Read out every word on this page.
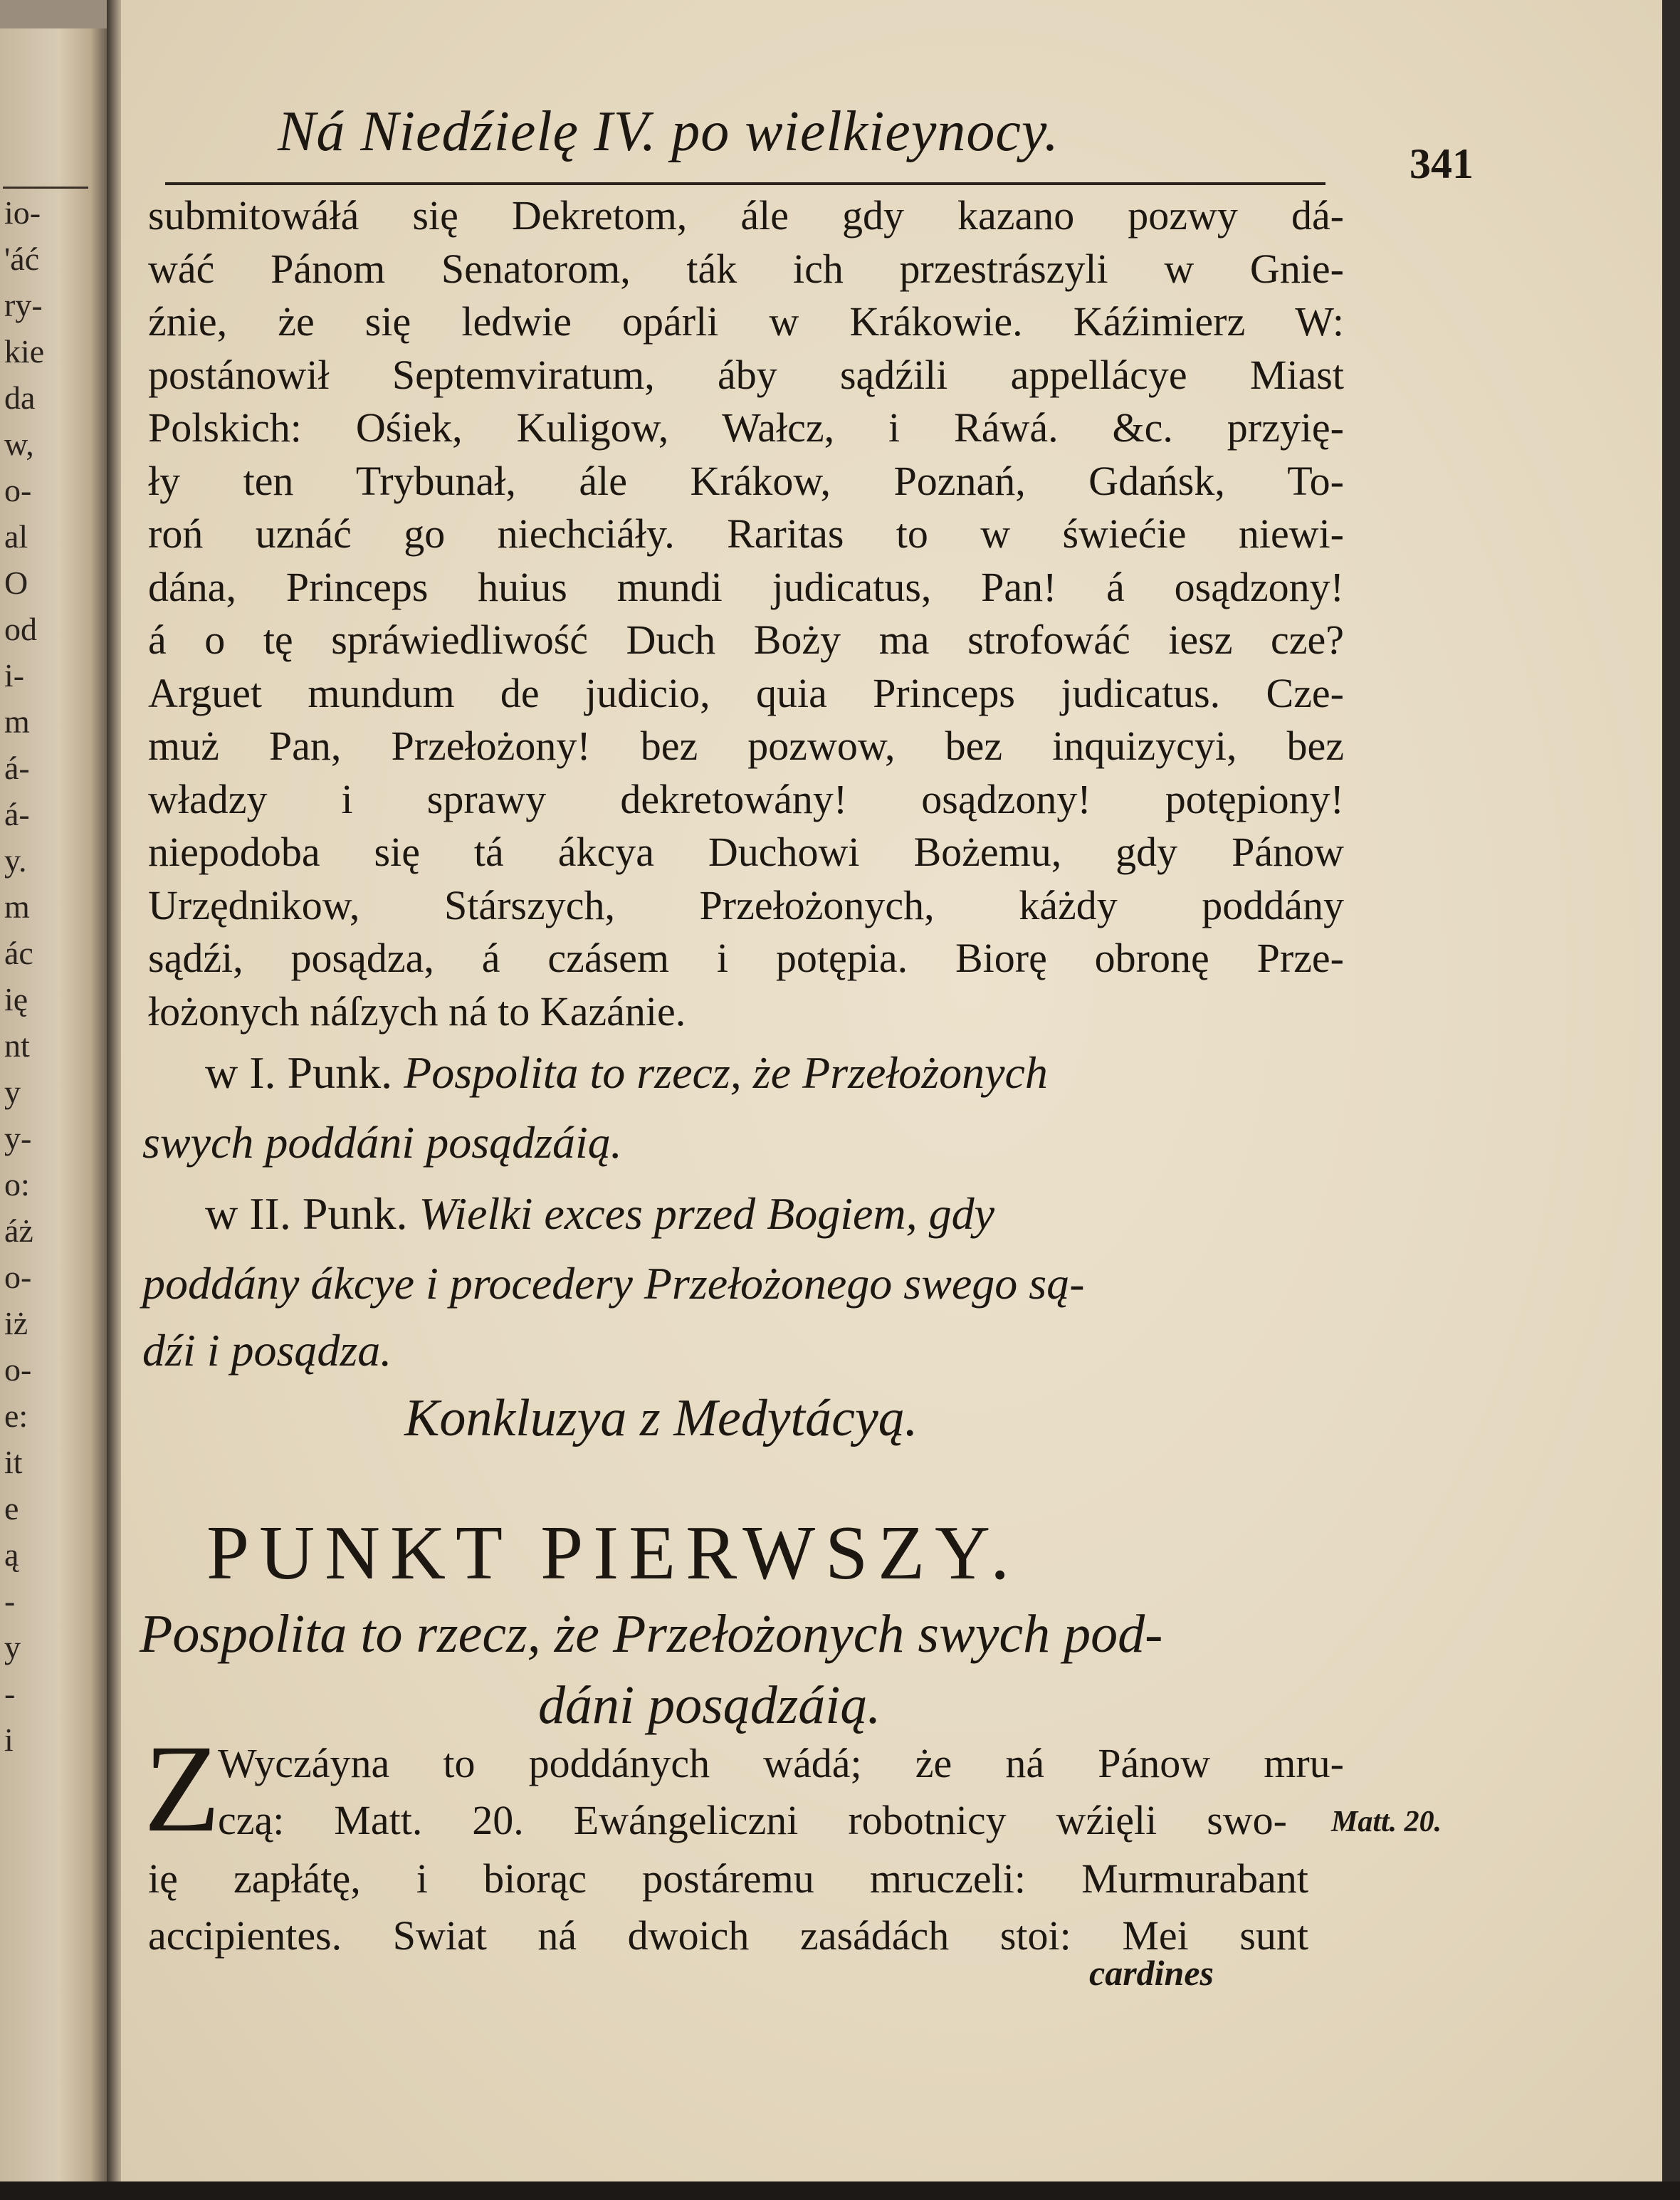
io-
'áć
ry-
kie
da
w,
o-
al
O
od
i-
m
á-
á-
y.
m
ác
ię
nt
y
y-
o:
áż
o-
iż
o-
e:
it
e
ą
-
y
-
i
Ná Niedźielę IV. po wielkieynocy.
341
submitowáłá się Dekretom, ále gdy kazano pozwy dá-
wáć Pánom Senatorom, ták ich przestrászyli w Gnie-
źnie, że się ledwie opárli w Krákowie. Káźimierz W:
postánowił Septemviratum, áby sądźili appellácye Miast
Polskich: Ośiek, Kuligow, Wałcz, i Ráwá. &c. przyię-
ły ten Trybunał, ále Krákow, Poznań, Gdańsk, To-
roń uznáć go niechciáły. Raritas to w świećie niewi-
dána, Princeps huius mundi judicatus, Pan! á osądzony!
á o tę spráwiedliwość Duch Boży ma strofowáć iesz cze?
Arguet mundum de judicio, quia Princeps judicatus. Cze-
muż Pan, Przełożony! bez pozwow, bez inquizycyi, bez
władzy i sprawy dekretowány! osądzony! potępiony!
niepodoba się tá ákcya Duchowi Bożemu, gdy Pánow
Urzędnikow, Stárszych, Przełożonych, káżdy poddány
sądźi, posądza, á czásem i potępia. Biorę obronę Prze-
łożonych náſzych ná to Kazánie.
w I. Punk. Pospolita to rzecz, że Przełożonych
swych poddáni posądzáią.
w II. Punk. Wielki exces przed Bogiem, gdy
poddány ákcye i procedery Przełożonego swego są-
dźi i posądza.
Konkluzya z Medytácyą.
PUNKT PIERWSZY.
Pospolita to rzecz, że Przełożonych swych pod-
dáni posądzáią.
Z
Wyczáyna to poddánych wádá; że ná Pánow mru-
czą: Matt. 20. Ewángeliczni robotnicy wźięli swo-
ię zapłátę, i biorąc postáremu mruczeli: Murmurabant
accipientes. Swiat ná dwoich zasádách stoi: Mei sunt
cardines
Matt. 20.
